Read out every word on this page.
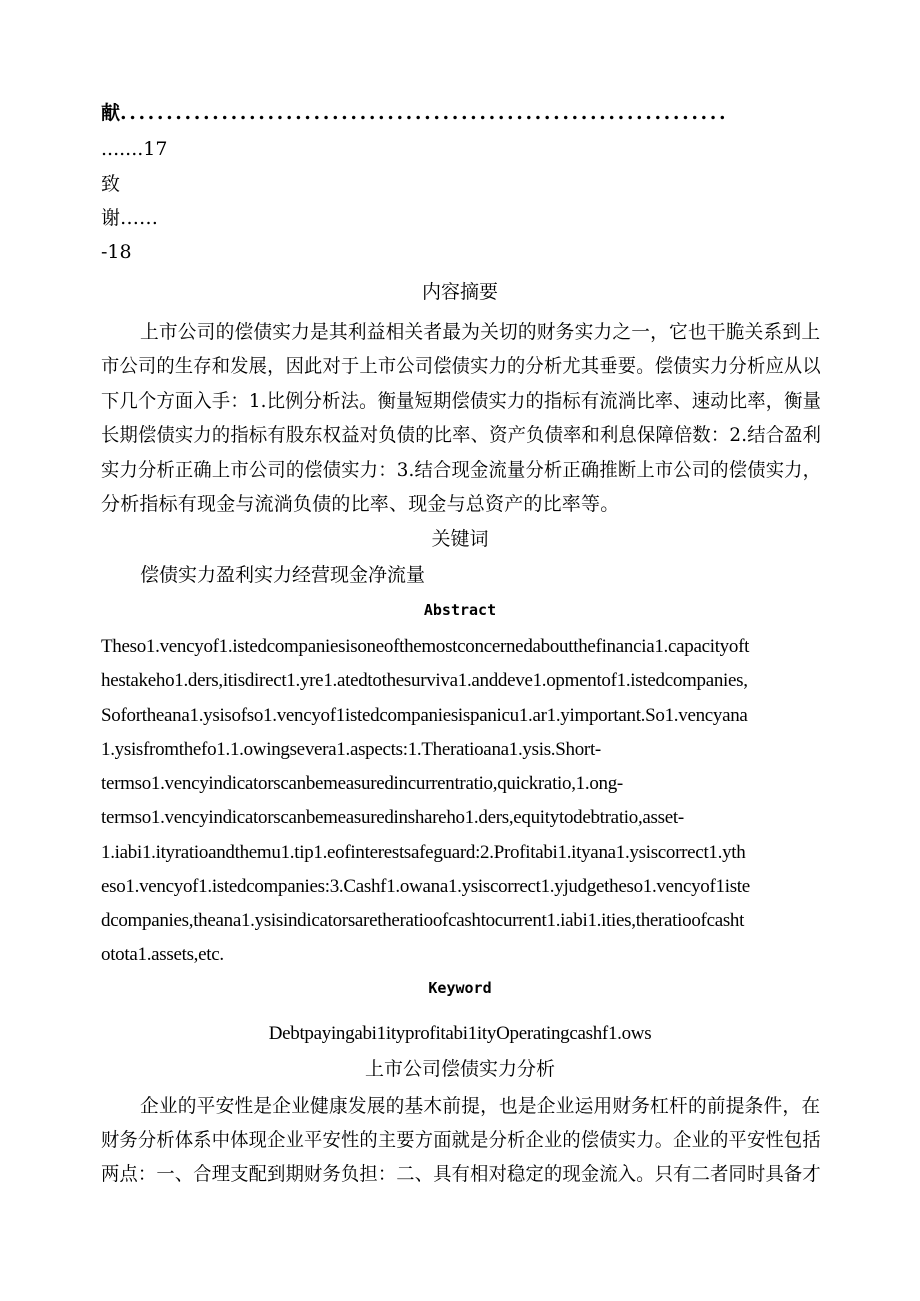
献..................................................................
.......17
致
谢……
-18
内容摘要
上市公司的偿债实力是其利益相关者最为关切的财务实力之一，它也干脆关系到上
市公司的生存和发展，因此对于上市公司偿债实力的分析尤其垂要。偿债实力分析应从以
下几个方面入手：1.比例分析法。衡量短期偿债实力的指标有流淌比率、速动比率，衡量
长期偿债实力的指标有股东权益对负债的比率、资产负债率和利息保障倍数：2.结合盈利
实力分析正确上市公司的偿债实力：3.结合现金流量分析正确推断上市公司的偿债实力，
分析指标有现金与流淌负债的比率、现金与总资产的比率等。
关键词
偿债实力盈利实力经营现金净流量
Abstract
Theso1.vencyof1.istedcompaniesisoneofthemostconcernedaboutthefinancia1.capacityoft
hestakeho1.ders,itisdirect1.yre1.atedtothesurviva1.anddeve1.opmentof1.istedcompanies,
Sofortheana1.ysisofso1.vencyof1istedcompaniesispanicu1.ar1.yimportant.So1.vencyana
1.ysisfromthefo1.1.owingsevera1.aspects:1.Theratioana1.ysis.Short-
termso1.vencyindicatorscanbemeasuredincurrentratio,quickratio,1.ong-
termso1.vencyindicatorscanbemeasuredinshareho1.ders,equitytodebtratio,asset-
1.iabi1.ityratioandthemu1.tip1.eofinterestsafeguard:2.Profitabi1.ityana1.ysiscorrect1.yth
eso1.vencyof1.istedcompanies:3.Cashf1.owana1.ysiscorrect1.yjudgetheso1.vencyof1iste
dcompanies,theana1.ysisindicatorsaretheratioofcashtocurrent1.iabi1.ities,theratioofcasht
otota1.assets,etc.
Keyword
Debtpayingabi1ityprofitabi1ityOperatingcashf1.ows
上市公司偿债实力分析
企业的平安性是企业健康发展的基木前提，也是企业运用财务杠杆的前提条件，在
财务分析体系中体现企业平安性的主要方面就是分析企业的偿债实力。企业的平安性包括
两点：一、合理支配到期财务负担：二、具有相对稳定的现金流入。只有二者同时具备才
